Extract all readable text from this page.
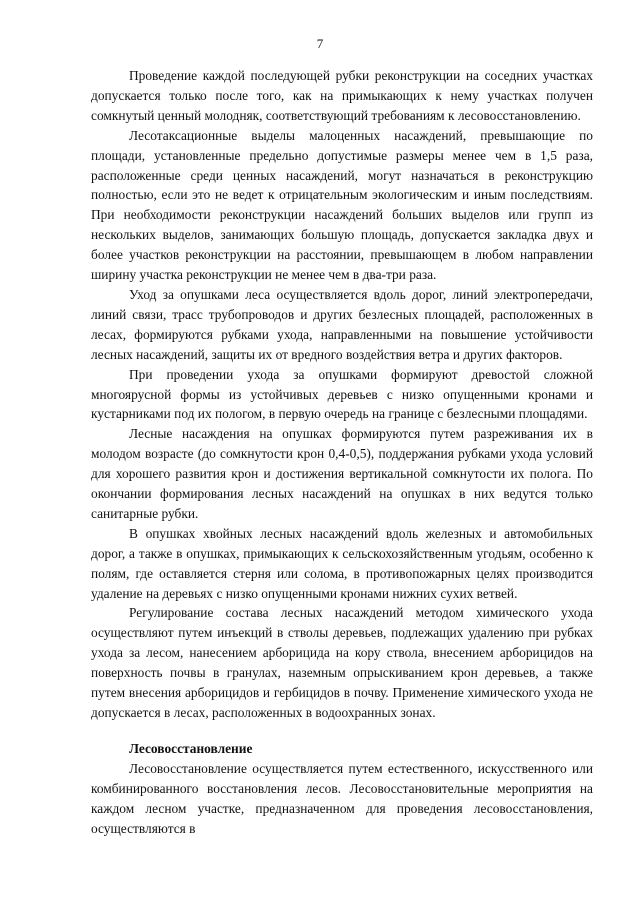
7

Проведение каждой последующей рубки реконструкции на соседних участках допускается только после того, как на примыкающих к нему участках получен сомкнутый ценный молодняк, соответствующий требованиям к лесовосстановлению.

Лесотаксационные выделы малоценных насаждений, превышающие по площади, установленные предельно допустимые размеры менее чем в 1,5 раза, расположенные среди ценных насаждений, могут назначаться в реконструкцию полностью, если это не ведет к отрицательным экологическим и иным последствиям. При необходимости реконструкции насаждений больших выделов или групп из нескольких выделов, занимающих большую площадь, допускается закладка двух и более участков реконструкции на расстоянии, превышающем в любом направлении ширину участка реконструкции не менее чем в два-три раза.

Уход за опушками леса осуществляется вдоль дорог, линий электропередачи, линий связи, трасс трубопроводов и других безлесных площадей, расположенных в лесах, формируются рубками ухода, направленными на повышение устойчивости лесных насаждений, защиты их от вредного воздействия ветра и других факторов.

При проведении ухода за опушками формируют древостой сложной многоярусной формы из устойчивых деревьев с низко опущенными кронами и кустарниками под их пологом, в первую очередь на границе с безлесными площадями.

Лесные насаждения на опушках формируются путем разреживания их в молодом возрасте (до сомкнутости крон 0,4-0,5), поддержания рубками ухода условий для хорошего развития крон и достижения вертикальной сомкнутости их полога. По окончании формирования лесных насаждений на опушках в них ведутся только санитарные рубки.

В опушках хвойных лесных насаждений вдоль железных и автомобильных дорог, а также в опушках, примыкающих к сельскохозяйственным угодьям, особенно к полям, где оставляется стерня или солома, в противопожарных целях производится удаление на деревьях с низко опущенными кронами нижних сухих ветвей.

Регулирование состава лесных насаждений методом химического ухода осуществляют путем инъекций в стволы деревьев, подлежащих удалению при рубках ухода за лесом, нанесением арборицида на кору ствола, внесением арборицидов на поверхность почвы в гранулах, наземным опрыскиванием крон деревьев, а также путем внесения арборицидов и гербицидов в почву. Применение химического ухода не допускается в лесах, расположенных в водоохранных зонах.

Лесовосстановление

Лесовосстановление осуществляется путем естественного, искусственного или комбинированного восстановления лесов. Лесовосстановительные мероприятия на каждом лесном участке, предназначенном для проведения лесовосстановления, осуществляются в
